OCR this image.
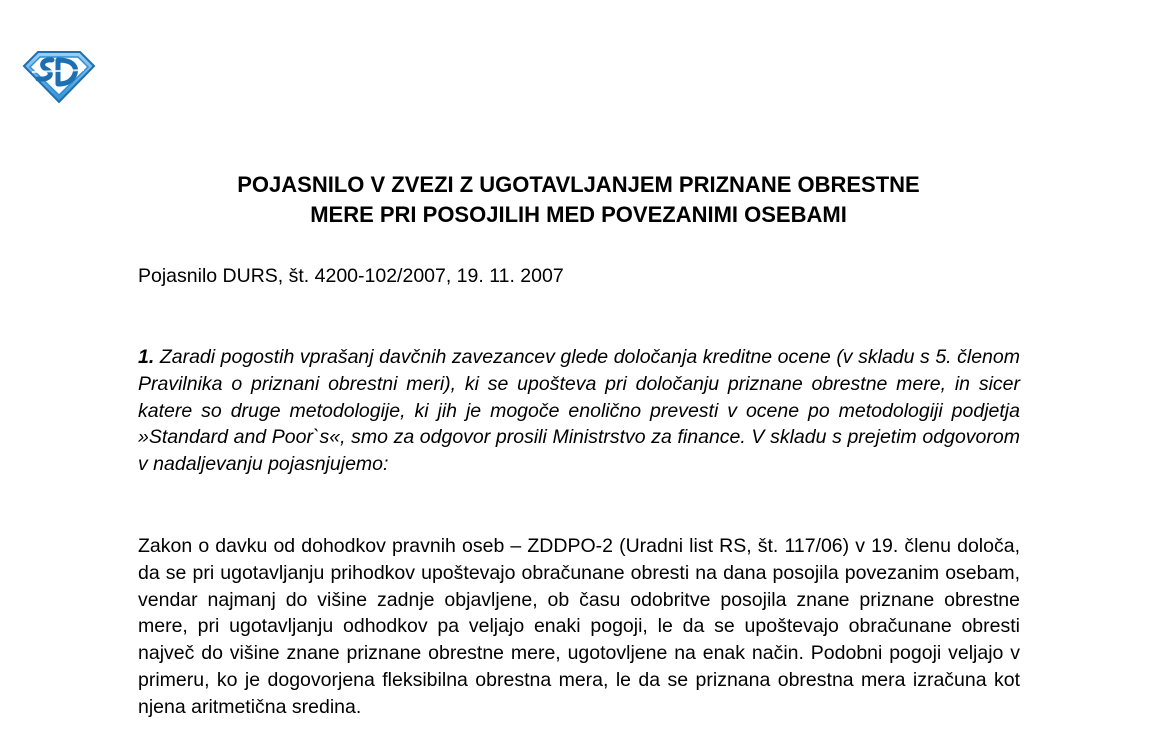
POJASNILO V ZVEZI Z UGOTAVLJANJEM PRIZNANE OBRESTNE
MERE PRI POSOJILIH MED POVEZANIMI OSEBAMI

Pojasnilo DURS, št. 4200-102/2007, 19. 11. 2007

1. Zaradi pogostih vprašanj davčnih zavezancev glede določanja kreditne ocene (v skladu s 5. členom Pravilnika o priznani obrestni meri), ki se upošteva pri določanju priznane obrestne mere, in sicer katere so druge metodologije, ki jih je mogoče enolično prevesti v ocene po metodologiji podjetja »Standard and Poor`s«, smo za odgovor prosili Ministrstvo za finance. V skladu s prejetim odgovorom v nadaljevanju pojasnjujemo:

Zakon o davku od dohodkov pravnih oseb – ZDDPO-2 (Uradni list RS, št. 117/06) v 19. členu določa, da se pri ugotavljanju prihodkov upoštevajo obračunane obresti na dana posojila povezanim osebam, vendar najmanj do višine zadnje objavljene, ob času odobritve posojila znane priznane obrestne mere, pri ugotavljanju odhodkov pa veljajo enaki pogoji, le da se upoštevajo obračunane obresti največ do višine znane priznane obrestne mere, ugotovljene na enak način. Podobni pogoji veljajo v primeru, ko je dogovorjena fleksibilna obrestna mera, le da se priznana obrestna mera izračuna kot njena aritmetična sredina.
